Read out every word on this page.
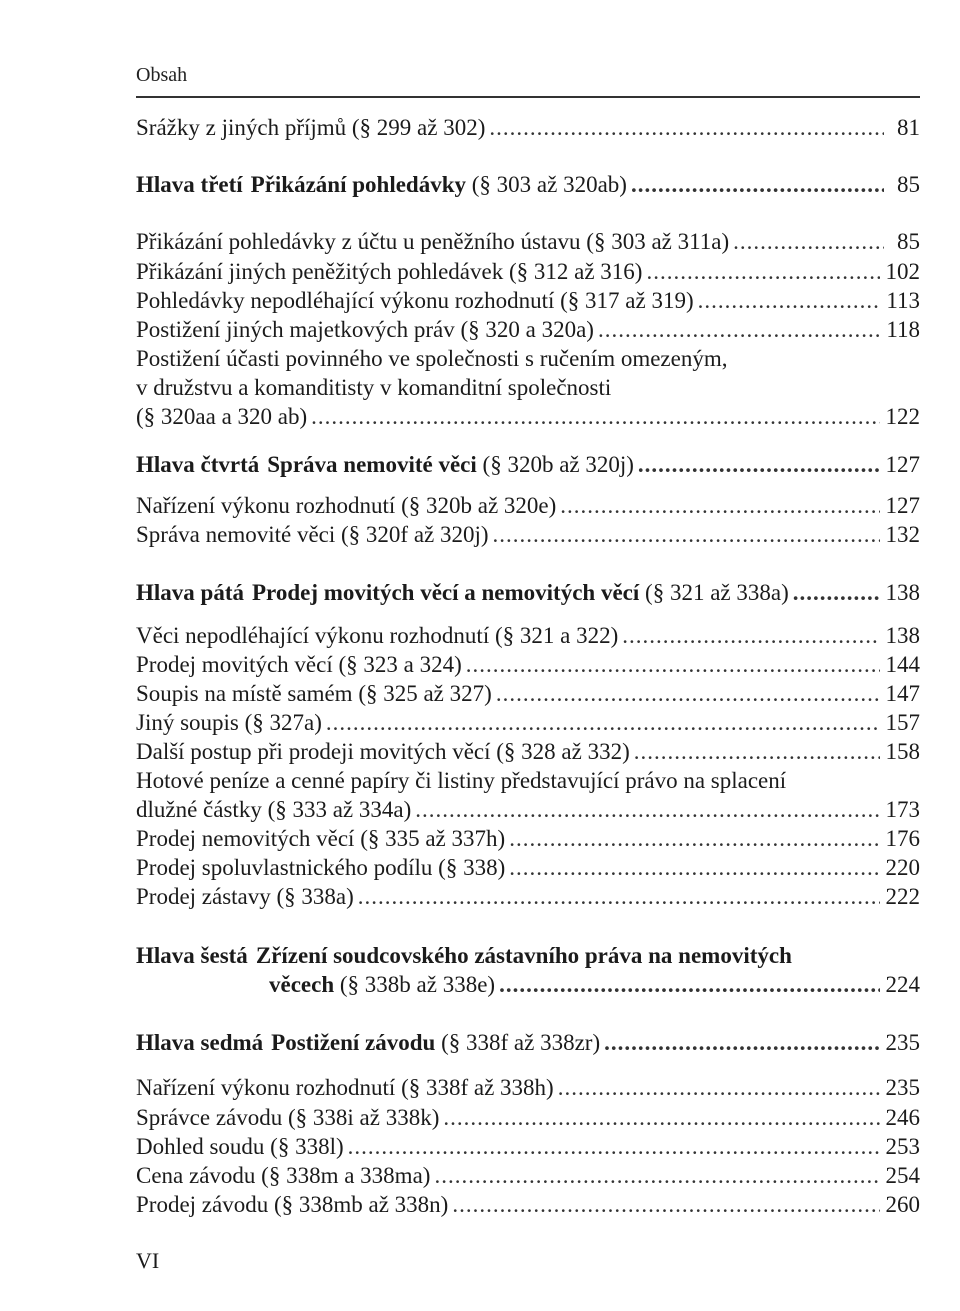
Obsah
Srážky z jiných příjmů (§ 299 až 302) .....	81
Hlava třetí Přikázání pohledávky (§ 303 až 320ab) .....	85
Přikázání pohledávky z účtu u peněžního ústavu (§ 303 až 311a) .....	85
Přikázání jiných peněžitých pohledávek (§ 312 až 316) .....	102
Pohledávky nepodléhající výkonu rozhodnutí (§ 317 až 319) .....	113
Postižení jiných majetkových práv (§ 320 a 320a) .....	118
Postižení účasti povinného ve společnosti s ručením omezeným,
v družstvu a komanditisty v komanditní společnosti
(§ 320aa a 320 ab) .....	122
Hlava čtvrtá Správa nemovité věci (§ 320b až 320j) .....	127
Nařízení výkonu rozhodnutí (§ 320b až 320e) .....	127
Správa nemovité věci (§ 320f až 320j) .....	132
Hlava pátá Prodej movitých věcí a nemovitých věcí (§ 321 až 338a) .....	138
Věci nepodléhající výkonu rozhodnutí (§ 321 a 322) .....	138
Prodej movitých věcí (§ 323 a 324) .....	144
Soupis na místě samém (§ 325 až 327) .....	147
Jiný soupis (§ 327a) .....	157
Další postup při prodeji movitých věcí (§ 328 až 332) .....	158
Hotové peníze a cenné papíry či listiny představující právo na splacení
dlužné částky (§ 333 až 334a) .....	173
Prodej nemovitých věcí (§ 335 až 337h) .....	176
Prodej spoluvlastnického podílu (§ 338) .....	220
Prodej zástavy (§ 338a) .....	222
Hlava šestá Zřízení soudcovského zástavního práva na nemovitých
věcech (§ 338b až 338e) .....	224
Hlava sedmá Postižení závodu (§ 338f až 338zr) .....	235
Nařízení výkonu rozhodnutí (§ 338f až 338h) .....	235
Správce závodu (§ 338i až 338k) .....	246
Dohled soudu (§ 338l) .....	253
Cena závodu (§ 338m a 338ma) .....	254
Prodej závodu (§ 338mb až 338n) .....	260
VI
